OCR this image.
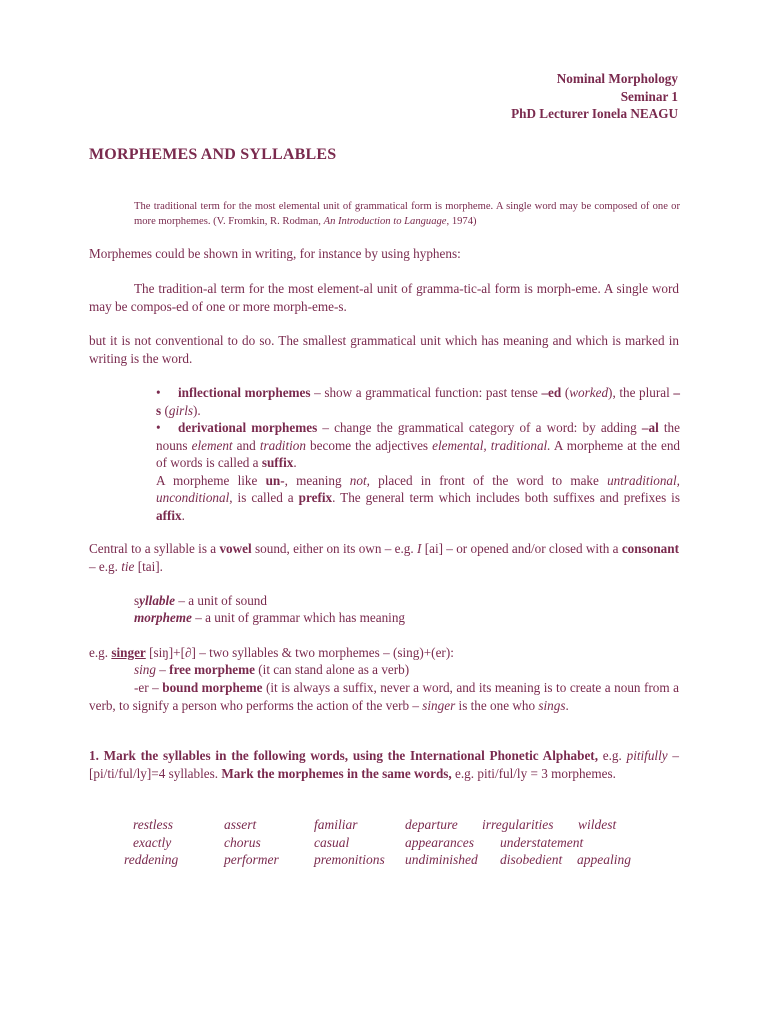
Nominal Morphology
Seminar 1
PhD Lecturer Ionela NEAGU
MORPHEMES AND SYLLABLES
The traditional term for the most elemental unit of grammatical form is morpheme. A single word may be composed of one or more morphemes. (V. Fromkin, R. Rodman, An Introduction to Language, 1974)
Morphemes could be shown in writing, for instance by using hyphens:
The tradition-al term for the most element-al unit of gramma-tic-al form is morph-eme. A single word may be compos-ed of one or more morph-eme-s.
but it is not conventional to do so. The smallest grammatical unit which has meaning and which is marked in writing is the word.
• inflectional morphemes – show a grammatical function: past tense –ed (worked), the plural –s (girls).
• derivational morphemes – change the grammatical category of a word: by adding –al the nouns element and tradition become the adjectives elemental, traditional. A morpheme at the end of words is called a suffix.
A morpheme like un-, meaning not, placed in front of the word to make untraditional, unconditional, is called a prefix. The general term which includes both suffixes and prefixes is affix.
Central to a syllable is a vowel sound, either on its own – e.g. I [ai] – or opened and/or closed with a consonant – e.g. tie [tai].
syllable – a unit of sound
morpheme – a unit of grammar which has meaning
e.g. singer [siŋ]+[∂] – two syllables & two morphemes – (sing)+(er):
sing – free morpheme (it can stand alone as a verb)
-er – bound morpheme (it is always a suffix, never a word, and its meaning is to create a noun from a verb, to signify a person who performs the action of the verb – singer is the one who sings.
1. Mark the syllables in the following words, using the International Phonetic Alphabet, e.g. pitifully – [pi/ti/ful/ly]=4 syllables. Mark the morphemes in the same words, e.g. piti/ful/ly = 3 morphemes.
restless	assert	familiar	departure irregularities wildest
exactly	chorus	casual	appearances understatement
reddening	performer	premonitions undiminished disobedient appealing
